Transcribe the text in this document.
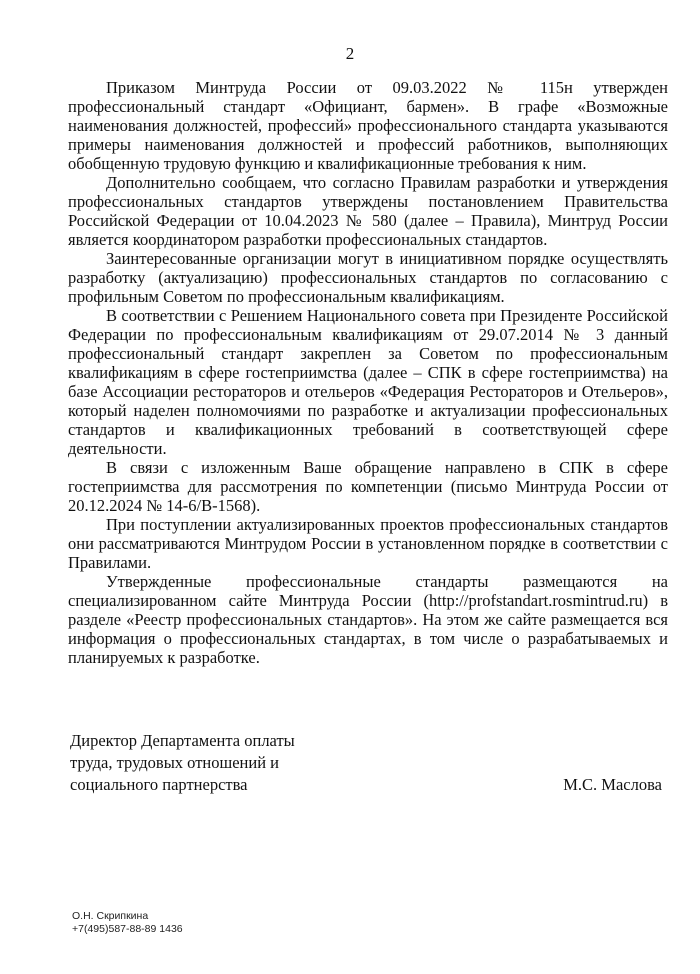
2

Приказом Минтруда России от 09.03.2022 № 115н утвержден профессиональный стандарт «Официант, бармен». В графе «Возможные наименования должностей, профессий» профессионального стандарта указываются примеры наименования должностей и профессий работников, выполняющих обобщенную трудовую функцию и квалификационные требования к ним.

Дополнительно сообщаем, что согласно Правилам разработки и утверждения профессиональных стандартов утверждены постановлением Правительства Российской Федерации от 10.04.2023 № 580 (далее – Правила), Минтруд России является координатором разработки профессиональных стандартов.

Заинтересованные организации могут в инициативном порядке осуществлять разработку (актуализацию) профессиональных стандартов по согласованию с профильным Советом по профессиональным квалификациям.

В соответствии с Решением Национального совета при Президенте Российской Федерации по профессиональным квалификациям от 29.07.2014 № 3 данный профессиональный стандарт закреплен за Советом по профессиональным квалификациям в сфере гостеприимства (далее – СПК в сфере гостеприимства) на базе Ассоциации рестораторов и отельеров «Федерация Рестораторов и Отельеров», который наделен полномочиями по разработке и актуализации профессиональных стандартов и квалификационных требований в соответствующей сфере деятельности.

В связи с изложенным Ваше обращение направлено в СПК в сфере гостеприимства для рассмотрения по компетенции (письмо Минтруда России от 20.12.2024 № 14-6/В-1568).

При поступлении актуализированных проектов профессиональных стандартов они рассматриваются Минтрудом России в установленном порядке в соответствии с Правилами.

Утвержденные профессиональные стандарты размещаются на специализированном сайте Минтруда России (http://profstandart.rosmintrud.ru) в разделе «Реестр профессиональных стандартов». На этом же сайте размещается вся информация о профессиональных стандартах, в том числе о разрабатываемых и планируемых к разработке.

Директор Департамента оплаты
труда, трудовых отношений и
социального партнерства	М.С. Маслова
О.Н. Скрипкина
+7(495)587-88-89 1436
